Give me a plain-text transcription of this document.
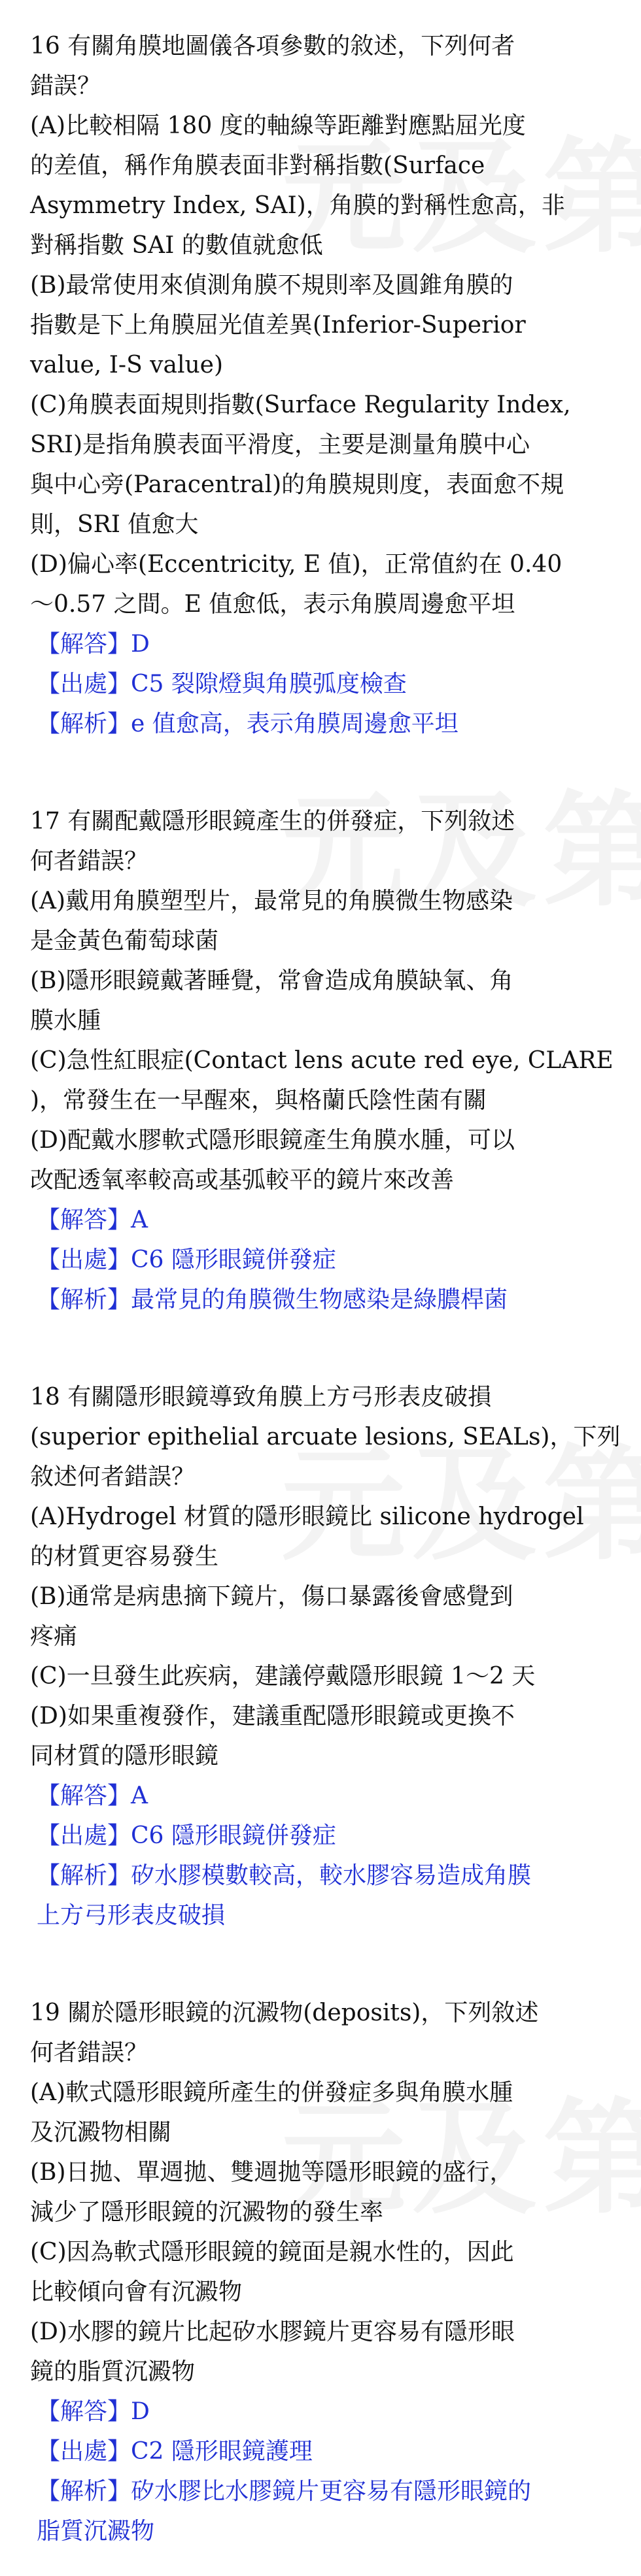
16 有關角膜地圖儀各項參數的敘述，下列何者
錯誤？
(A)比較相隔 180 度的軸線等距離對應點屈光度
的差值，稱作角膜表面非對稱指數(Surface
Asymmetry Index, SAI)，角膜的對稱性愈高，非
對稱指數 SAI 的數值就愈低
(B)最常使用來偵測角膜不規則率及圓錐角膜的
指數是下上角膜屈光值差異(Inferior-Superior
value, I-S value)
(C)角膜表面規則指數(Surface Regularity Index,
SRI)是指角膜表面平滑度，主要是測量角膜中心
與中心旁(Paracentral)的角膜規則度，表面愈不規
則，SRI 值愈大
(D)偏心率(Eccentricity, E 值)，正常值約在 0.40
～0.57 之間。E 值愈低，表示角膜周邊愈平坦
【解答】D
【出處】C5 裂隙燈與角膜弧度檢查
【解析】e 值愈高，表示角膜周邊愈平坦
17 有關配戴隱形眼鏡產生的併發症，下列敘述
何者錯誤？
(A)戴用角膜塑型片，最常見的角膜微生物感染
是金黃色葡萄球菌
(B)隱形眼鏡戴著睡覺，常會造成角膜缺氧、角
膜水腫
(C)急性紅眼症(Contact lens acute red eye, CLARE
)，常發生在一早醒來，與格蘭氏陰性菌有關
(D)配戴水膠軟式隱形眼鏡產生角膜水腫，可以
改配透氧率較高或基弧較平的鏡片來改善
【解答】A
【出處】C6 隱形眼鏡併發症
【解析】最常見的角膜微生物感染是綠膿桿菌
18 有關隱形眼鏡導致角膜上方弓形表皮破損
(superior epithelial arcuate lesions, SEALs)，下列
敘述何者錯誤？
(A)Hydrogel 材質的隱形眼鏡比 silicone hydrogel
的材質更容易發生
(B)通常是病患摘下鏡片，傷口暴露後會感覺到
疼痛
(C)一旦發生此疾病，建議停戴隱形眼鏡 1～2 天
(D)如果重複發作，建議重配隱形眼鏡或更換不
同材質的隱形眼鏡
【解答】A
【出處】C6 隱形眼鏡併發症
【解析】矽水膠模數較高，較水膠容易造成角膜
上方弓形表皮破損
19 關於隱形眼鏡的沉澱物(deposits)，下列敘述
何者錯誤？
(A)軟式隱形眼鏡所產生的併發症多與角膜水腫
及沉澱物相關
(B)日拋、單週拋、雙週拋等隱形眼鏡的盛行，
減少了隱形眼鏡的沉澱物的發生率
(C)因為軟式隱形眼鏡的鏡面是親水性的，因此
比較傾向會有沉澱物
(D)水膠的鏡片比起矽水膠鏡片更容易有隱形眼
鏡的脂質沉澱物
【解答】D
【出處】C2 隱形眼鏡護理
【解析】矽水膠比水膠鏡片更容易有隱形眼鏡的
脂質沉澱物
